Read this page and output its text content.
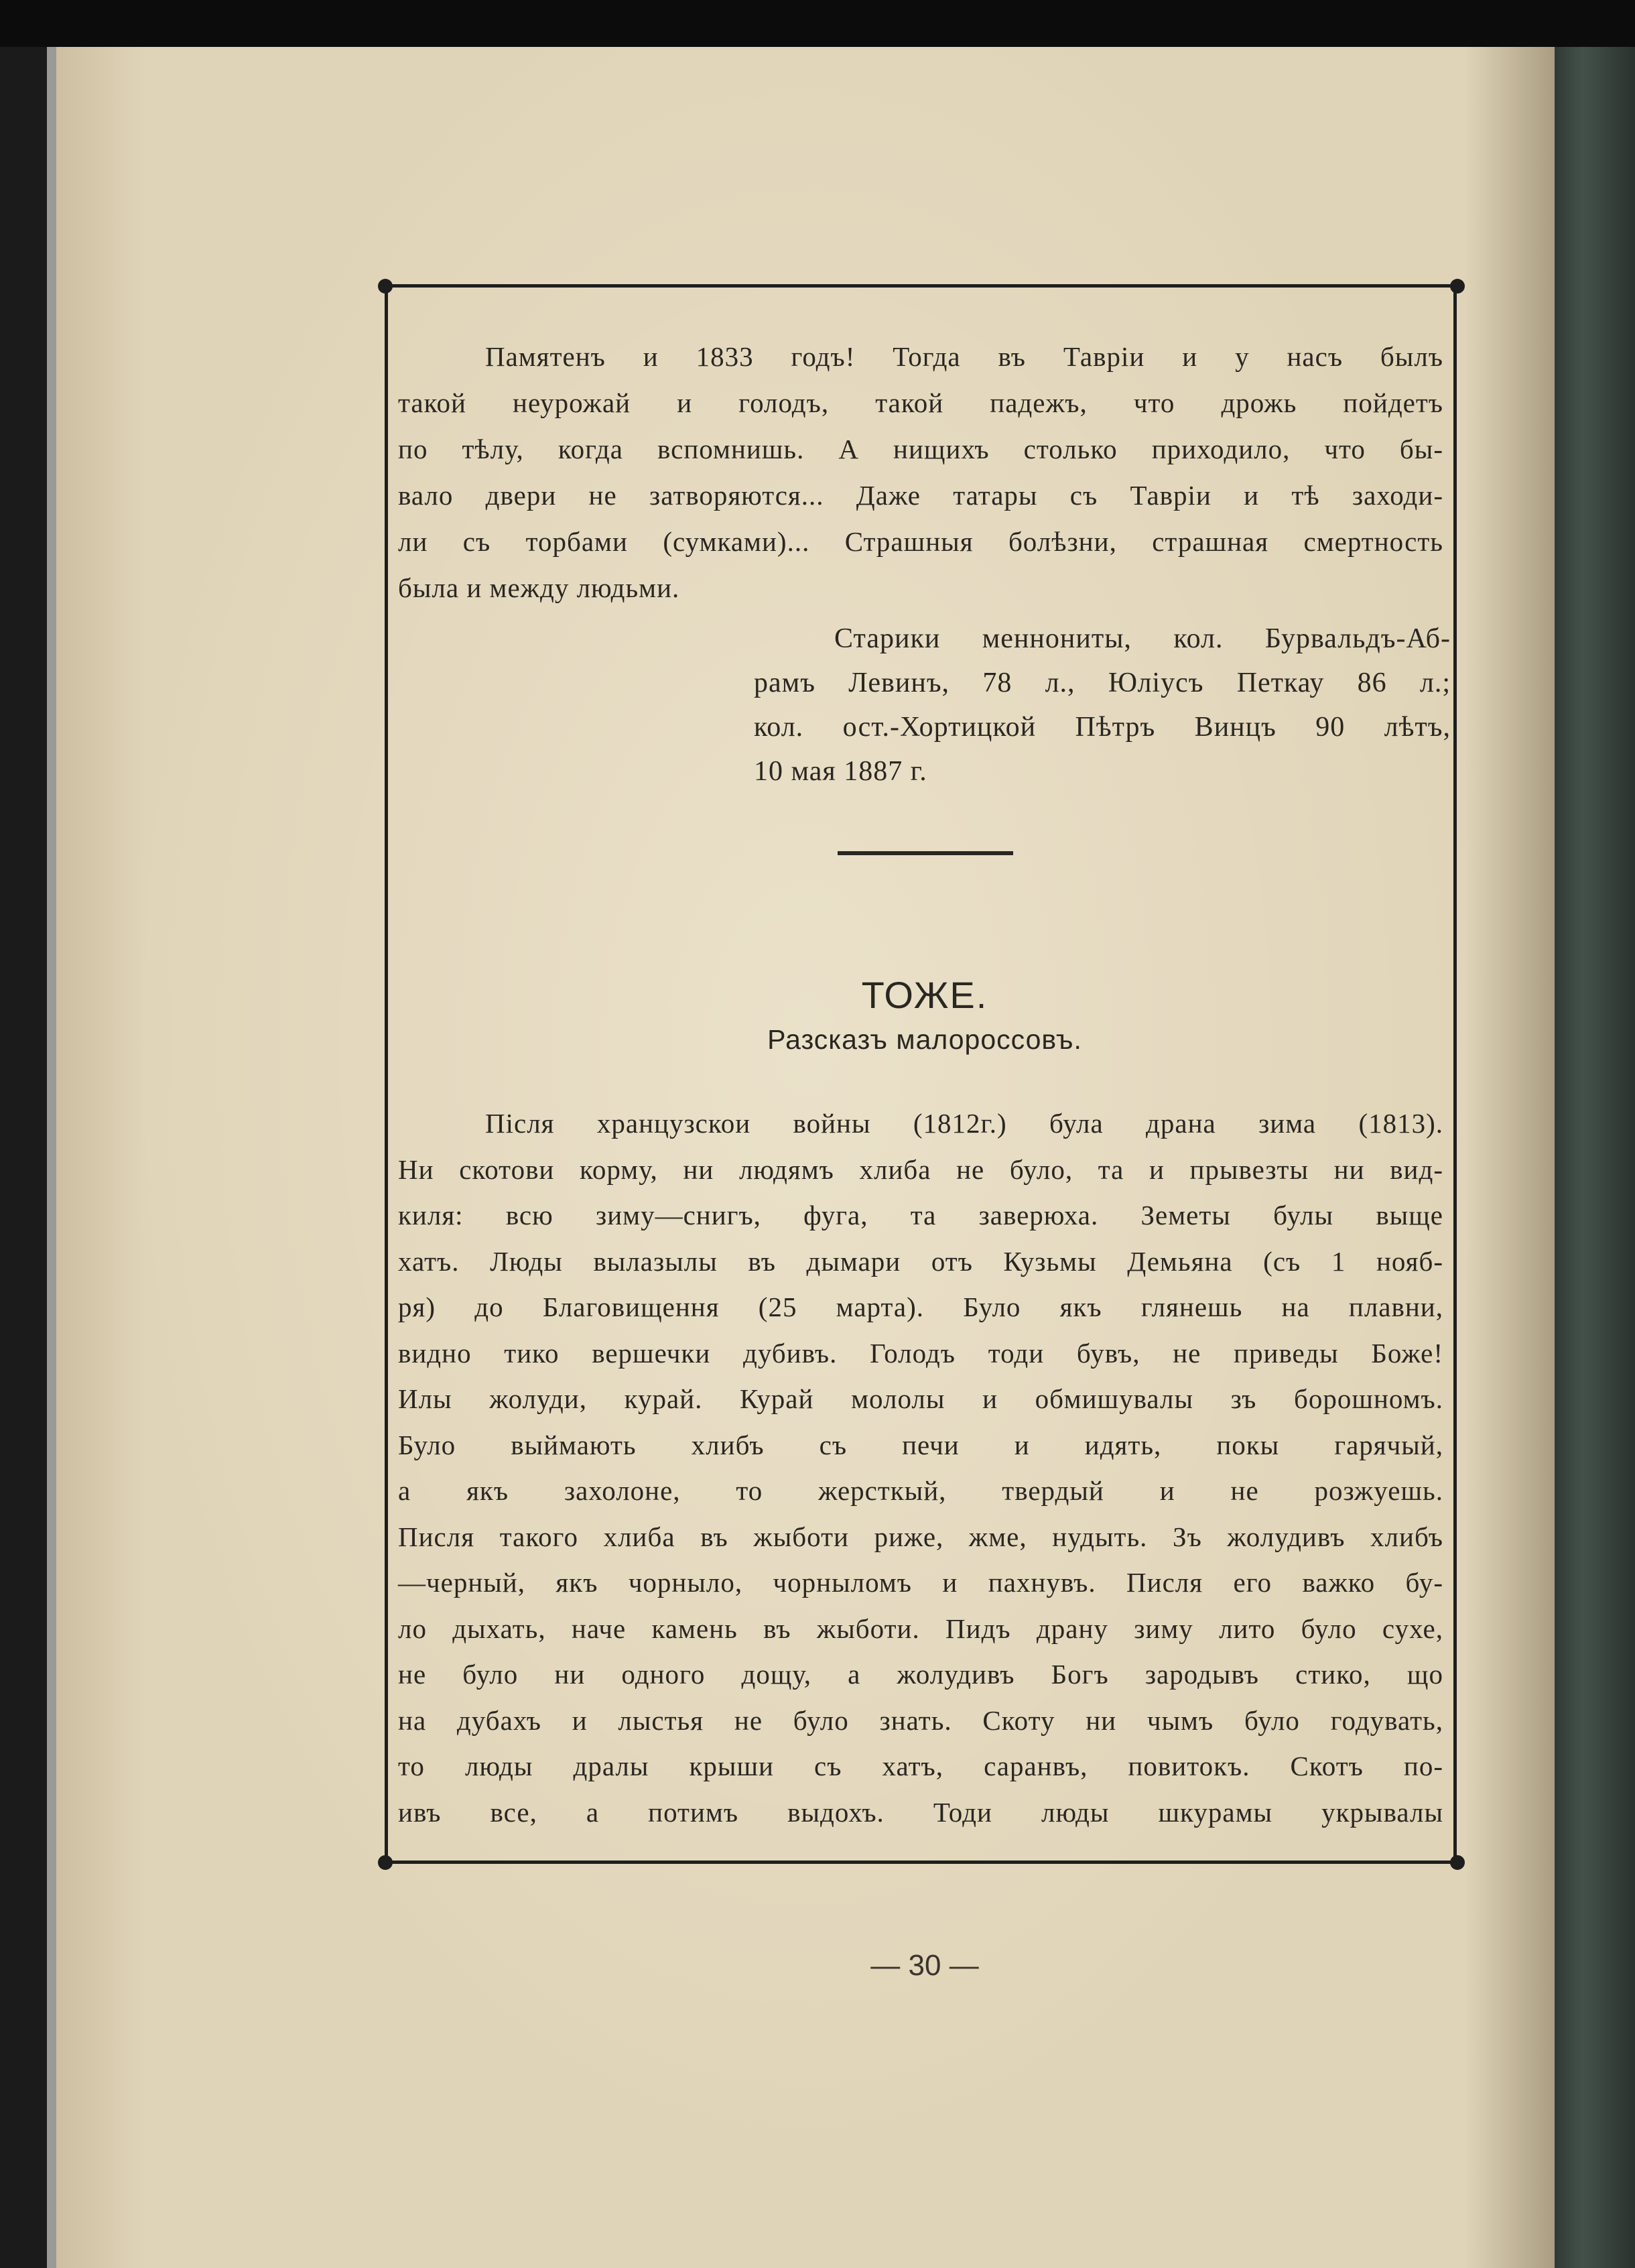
Памятенъ и 1833 годъ! Тогда въ Тавріи и у насъ былъ
такой неурожай и голодъ, такой падежъ, что дрожь пойдетъ
по тѣлу, когда вспомнишь. А нищихъ столько приходило, что бы-
вало двери не затворяются... Даже татары съ Тавріи и тѣ заходи-
ли съ торбами (сумками)... Страшныя болѣзни, страшная смертность
была и между людьми.
Старики меннониты, кол. Бурвальдъ-Аб-
рамъ Левинъ, 78 л., Юліусъ Петкау 86 л.;
кол. ост.-Хортицкой Пѣтръ Винцъ 90 лѣтъ,
10 мая 1887 г.
ТОЖЕ.
Разсказъ малороссовъ.
Пiсля хранцузскои войны (1812г.) була драна зима (1813).
Ни скотови корму, ни людямъ хлиба не було, та и прывезты ни вид-
киля: всю зиму—снигъ, фуга, та заверюха. Земеты булы выще
хатъ. Люды вылазылы въ дымари отъ Кузьмы Демьяна (съ 1 нояб-
ря) до Благовищення (25 марта). Було якъ глянешь на плавни,
видно тико вершечки дубивъ. Голодъ тоди бувъ, не приведы Боже!
Илы жолуди, курай. Курай мололы и обмишувалы зъ борошномъ.
Було выймають хлибъ съ печи и идять, покы гарячый,
а якъ захолоне, то жерсткый, твердый и не розжуешь.
Писля такого хлиба въ жыботи риже, жме, нудыть. Зъ жолудивъ хлибъ
—черный, якъ чорныло, чорныломъ и пахнувъ. Писля его важко бу-
ло дыхать, наче камень въ жыботи. Пидъ драну зиму лито було сухе,
не було ни одного дощу, а жолудивъ Богъ зародывъ стико, що
на дубахъ и лыстья не було знать. Скоту ни чымъ було годувать,
то люды дралы крыши съ хатъ, саранвъ, повитокъ. Скотъ по-
ивъ все, а потимъ выдохъ. Тоди люды шкурамы укрывалы
— 30 —
